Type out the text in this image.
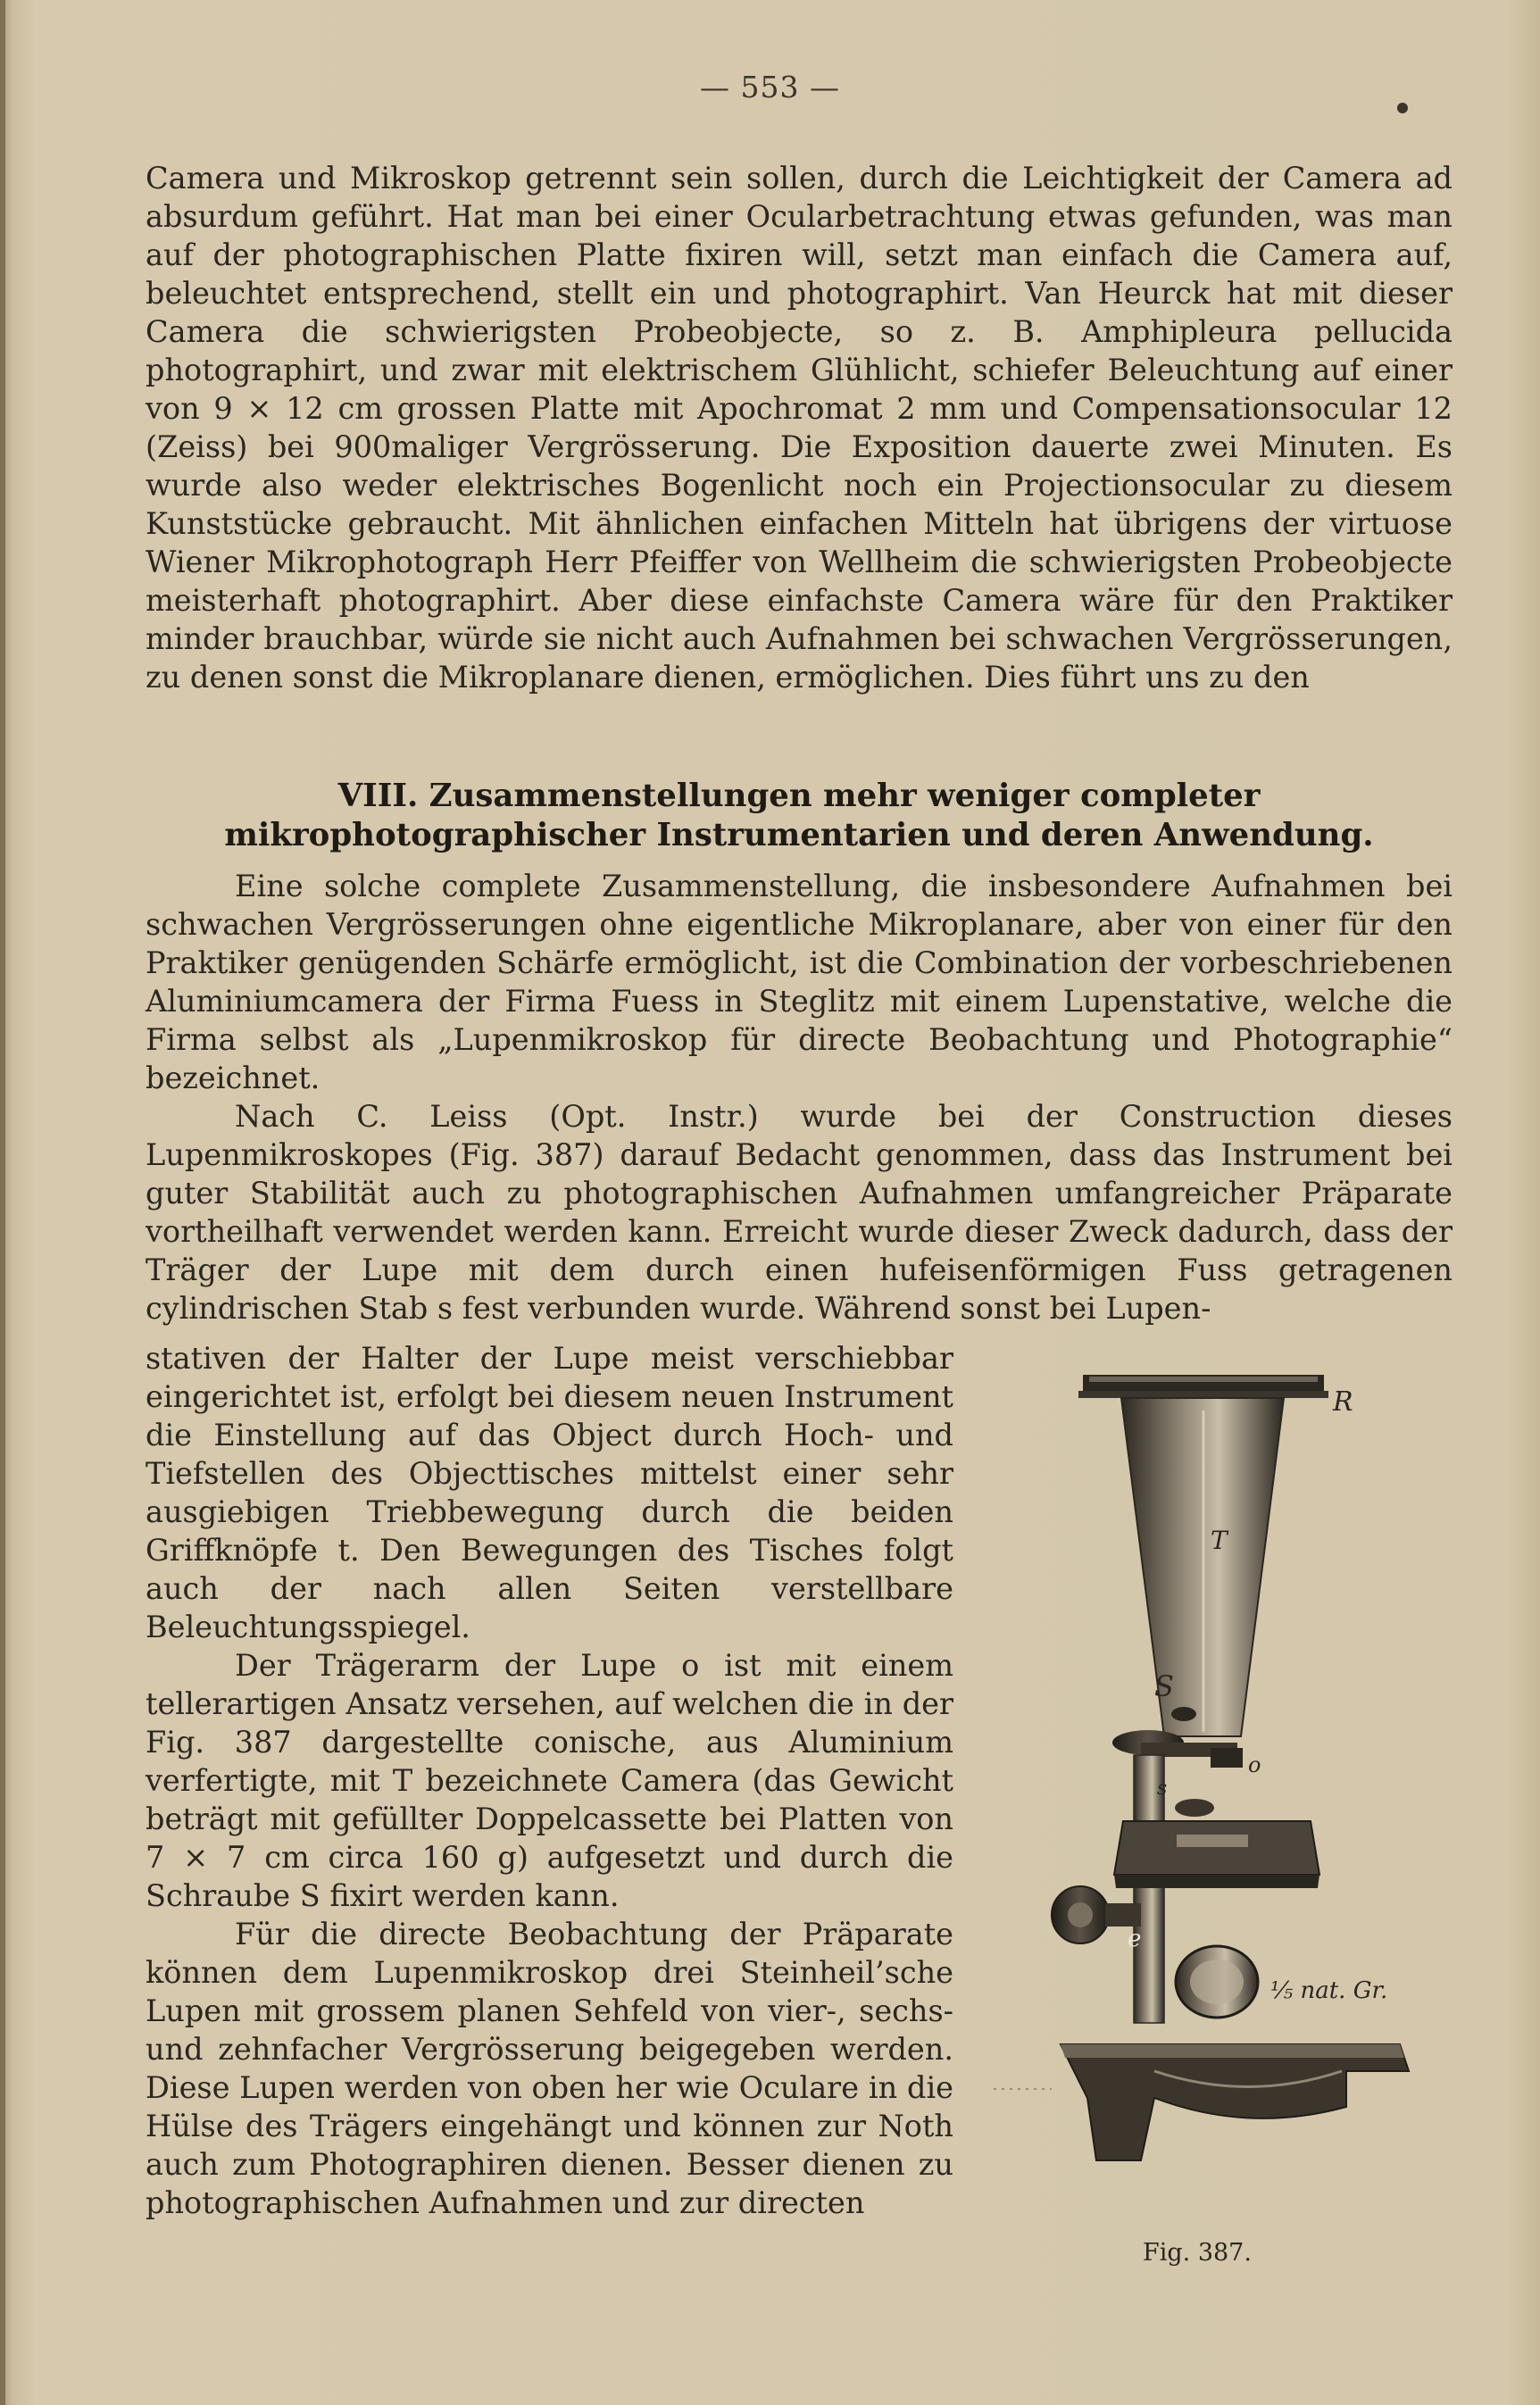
— 553 —

Camera und Mikroskop getrennt sein sollen, durch die Leichtigkeit der Camera ad absurdum geführt. Hat man bei einer Ocularbetrachtung etwas gefunden, was man auf der photographischen Platte fixiren will, setzt man einfach die Camera auf, beleuchtet entsprechend, stellt ein und photographirt. Van Heurck hat mit dieser Camera die schwierigsten Probeobjecte, so z. B. Amphipleura pellucida photographirt, und zwar mit elektrischem Glühlicht, schiefer Beleuchtung auf einer von 9 × 12 cm grossen Platte mit Apochromat 2 mm und Compensationsocular 12 (Zeiss) bei 900maliger Vergrösserung. Die Exposition dauerte zwei Minuten. Es wurde also weder elektrisches Bogenlicht noch ein Projectionsocular zu diesem Kunststücke gebraucht. Mit ähnlichen einfachen Mitteln hat übrigens der virtuose Wiener Mikrophotograph Herr Pfeiffer von Wellheim die schwierigsten Probeobjecte meisterhaft photographirt. Aber diese einfachste Camera wäre für den Praktiker minder brauchbar, würde sie nicht auch Aufnahmen bei schwachen Vergrösserungen, zu denen sonst die Mikroplanare dienen, ermöglichen. Dies führt uns zu den

VIII. Zusammenstellungen mehr weniger completer mikrophotographischer Instrumentarien und deren Anwendung.

Eine solche complete Zusammenstellung, die insbesondere Aufnahmen bei schwachen Vergrösserungen ohne eigentliche Mikroplanare, aber von einer für den Praktiker genügenden Schärfe ermöglicht, ist die Combination der vorbeschriebenen Aluminiumcamera der Firma Fuess in Steglitz mit einem Lupenstative, welche die Firma selbst als „Lupenmikroskop für directe Beobachtung und Photographie“ bezeichnet.

Nach C. Leiss (Opt. Instr.) wurde bei der Construction dieses Lupenmikroskopes (Fig. 387) darauf Bedacht genommen, dass das Instrument bei guter Stabilität auch zu photographischen Aufnahmen umfangreicher Präparate vortheilhaft verwendet werden kann. Erreicht wurde dieser Zweck dadurch, dass der Träger der Lupe mit dem durch einen hufeisenförmigen Fuss getragenen cylindrischen Stab s fest verbunden wurde. Während sonst bei Lupen-

stativen der Halter der Lupe meist verschiebbar eingerichtet ist, erfolgt bei diesem neuen Instrument die Einstellung auf das Object durch Hoch- und Tiefstellen des Objecttisches mittelst einer sehr ausgiebigen Triebbewegung durch die beiden Griffknöpfe t. Den Bewegungen des Tisches folgt auch der nach allen Seiten verstellbare Beleuchtungsspiegel.

Der Trägerarm der Lupe o ist mit einem tellerartigen Ansatz versehen, auf welchen die in der Fig. 387 dargestellte conische, aus Aluminium verfertigte, mit T bezeichnete Camera (das Gewicht beträgt mit gefüllter Doppelcassette bei Platten von 7 × 7 cm circa 160 g) aufgesetzt und durch die Schraube S fixirt werden kann.

Für die directe Beobachtung der Präparate können dem Lupenmikroskop drei Steinheil’sche Lupen mit grossem planen Sehfeld von vier-, sechs- und zehnfacher Vergrösserung beigegeben werden. Diese Lupen werden von oben her wie Oculare in die Hülse des Trägers eingehängt und können zur Noth auch zum Photographiren dienen. Besser dienen zu photographischen Aufnahmen und zur directen

R
T
S
o
s
e
⅕ nat. Gr.
Fig. 387.
